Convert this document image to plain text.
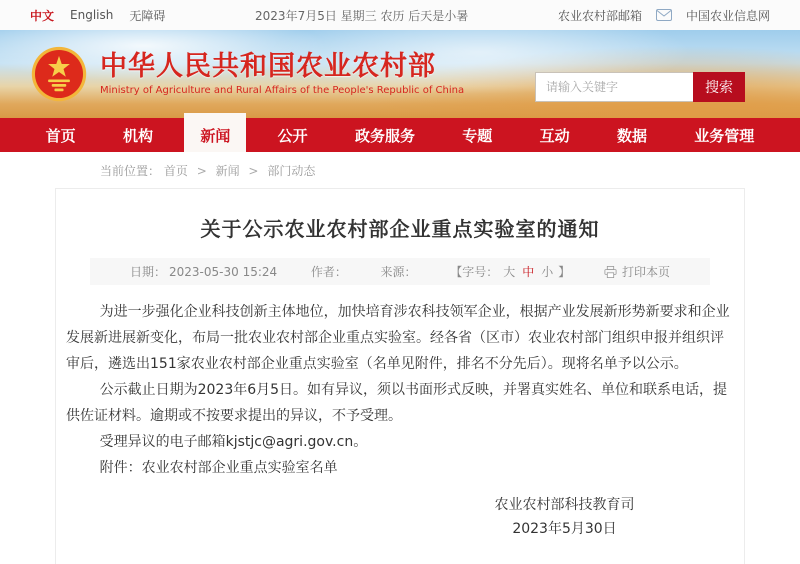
中文 English 无障碍	2023年7月5日 星期三 农历 后天是小暑	农业农村部邮箱	中国农业信息网
中华人民共和国农业农村部
Ministry of Agriculture and Rural Affairs of the People's Republic of China
请输入关键字	搜索
首页	机构	新闻	公开	政务服务	专题	互动	数据	业务管理
当前位置： 首页 > 新闻 > 部门动态
关于公示农业农村部企业重点实验室的通知
日期： 2023-05-30 15:24	作者：	来源：	【字号： 大 中 小 】	打印本页

为进一步强化企业科技创新主体地位，加快培育涉农科技领军企业，根据产业发展新形势新要求和企业发展新进展新变化，布局一批农业农村部企业重点实验室。经各省（区市）农业农村部门组织申报并组织评审后，遴选出151家农业农村部企业重点实验室（名单见附件，排名不分先后）。现将名单予以公示。

公示截止日期为2023年6月5日。如有异议，须以书面形式反映，并署真实姓名、单位和联系电话，提供佐证材料。逾期或不按要求提出的异议，不予受理。

受理异议的电子邮箱kjstjc@agri.gov.cn。

附件：农业农村部企业重点实验室名单

农业农村部科技教育司
2023年5月30日
